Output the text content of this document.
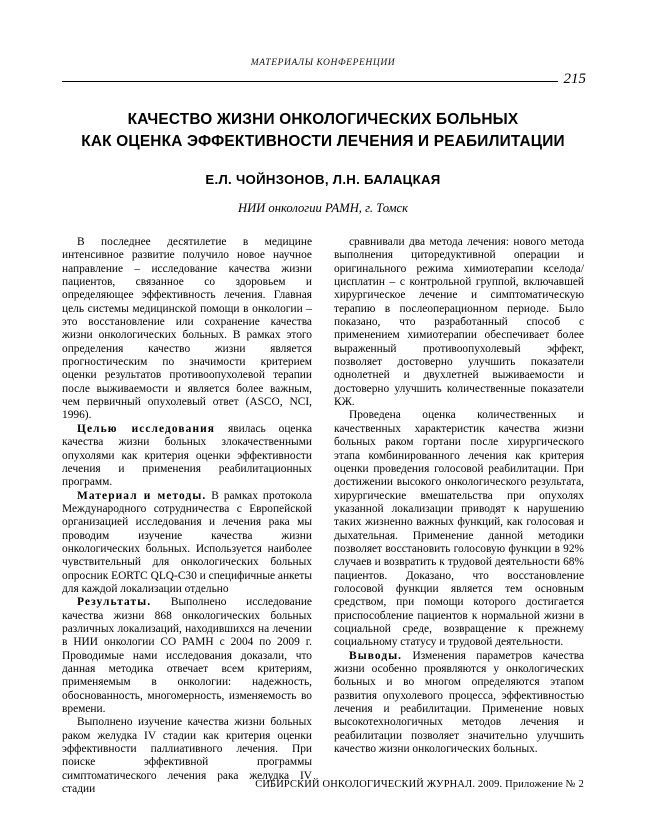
МАТЕРИАЛЫ КОНФЕРЕНЦИИ
215
КАЧЕСТВО ЖИЗНИ ОНКОЛОГИЧЕСКИХ БОЛЬНЫХ
КАК ОЦЕНКА ЭФФЕКТИВНОСТИ ЛЕЧЕНИЯ И РЕАБИЛИТАЦИИ
Е.Л. ЧОЙНЗОНОВ, Л.Н. БАЛАЦКАЯ
НИИ онкологии РАМН, г. Томск

В последнее десятилетие в медицине интенсивное развитие получило новое научное направление – исследование качества жизни пациентов, связанное со здоровьем и определяющее эффективность лечения. Главная цель системы медицинской помощи в онкологии – это восстановление или сохранение качества жизни онкологических больных. В рамках этого определения качество жизни является прогностическим по значимости критерием оценки результатов противоопухолевой терапии после выживаемости и является более важным, чем первичный опухолевый ответ (ASCO, NCI, 1996).

Целью исследования явилась оценка качества жизни больных злокачественными опухолями как критерия оценки эффективности лечения и применения реабилитационных программ.

Материал и методы. В рамках протокола Международного сотрудничества с Европейской организацией исследования и лечения рака мы проводим изучение качества жизни онкологических больных. Используется наиболее чувствительный для онкологических больных опросник EORTC QLQ-C30 и специфичные анкеты для каждой локализации отдельно

Результаты. Выполнено исследование качества жизни 868 онкологических больных различных локализаций, находившихся на лечении в НИИ онкологии СО РАМН с 2004 по 2009 г. Проводимые нами исследования доказали, что данная методика отвечает всем критериям, применяемым в онкологии: надежность, обоснованность, многомерность, изменяемость во времени.

Выполнено изучение качества жизни больных раком желудка IV стадии как критерия оценки эффективности паллиативного лечения. При поиске эффективной программы симптоматического лечения рака желудка IV стадии

сравнивали два метода лечения: нового метода выполнения циторедуктивной операции и оригинального режима химиотерапии кселода/цисплатин – с контрольной группой, включавшей хирургическое лечение и симптоматическую терапию в послеоперационном периоде. Было показано, что разработанный способ с применением химиотерапии обеспечивает более выраженный противоопухолевый эффект, позволяет достоверно улучшить показатели однолетней и двухлетней выживаемости и достоверно улучшить количественные показатели КЖ.

Проведена оценка количественных и качественных характеристик качества жизни больных раком гортани после хирургического этапа комбинированного лечения как критерия оценки проведения голосовой реабилитации. При достижении высокого онкологического результата, хирургические вмешательства при опухолях указанной локализации приводят к нарушению таких жизненно важных функций, как голосовая и дыхательная. Применение данной методики позволяет восстановить голосовую функции в 92% случаев и возвратить к трудовой деятельности 68% пациентов. Доказано, что восстановление голосовой функции является тем основным средством, при помощи которого достигается приспособление пациентов к нормальной жизни в социальной среде, возвращение к прежнему социальному статусу и трудовой деятельности.

Выводы. Изменения параметров качества жизни особенно проявляются у онкологических больных и во многом определяются этапом развития опухолевого процесса, эффективностью лечения и реабилитации. Применение новых высокотехнологичных методов лечения и реабилитации позволяет значительно улучшить качество жизни онкологических больных.

СИБИРСКИЙ ОНКОЛОГИЧЕСКИЙ ЖУРНАЛ. 2009. Приложение № 2
